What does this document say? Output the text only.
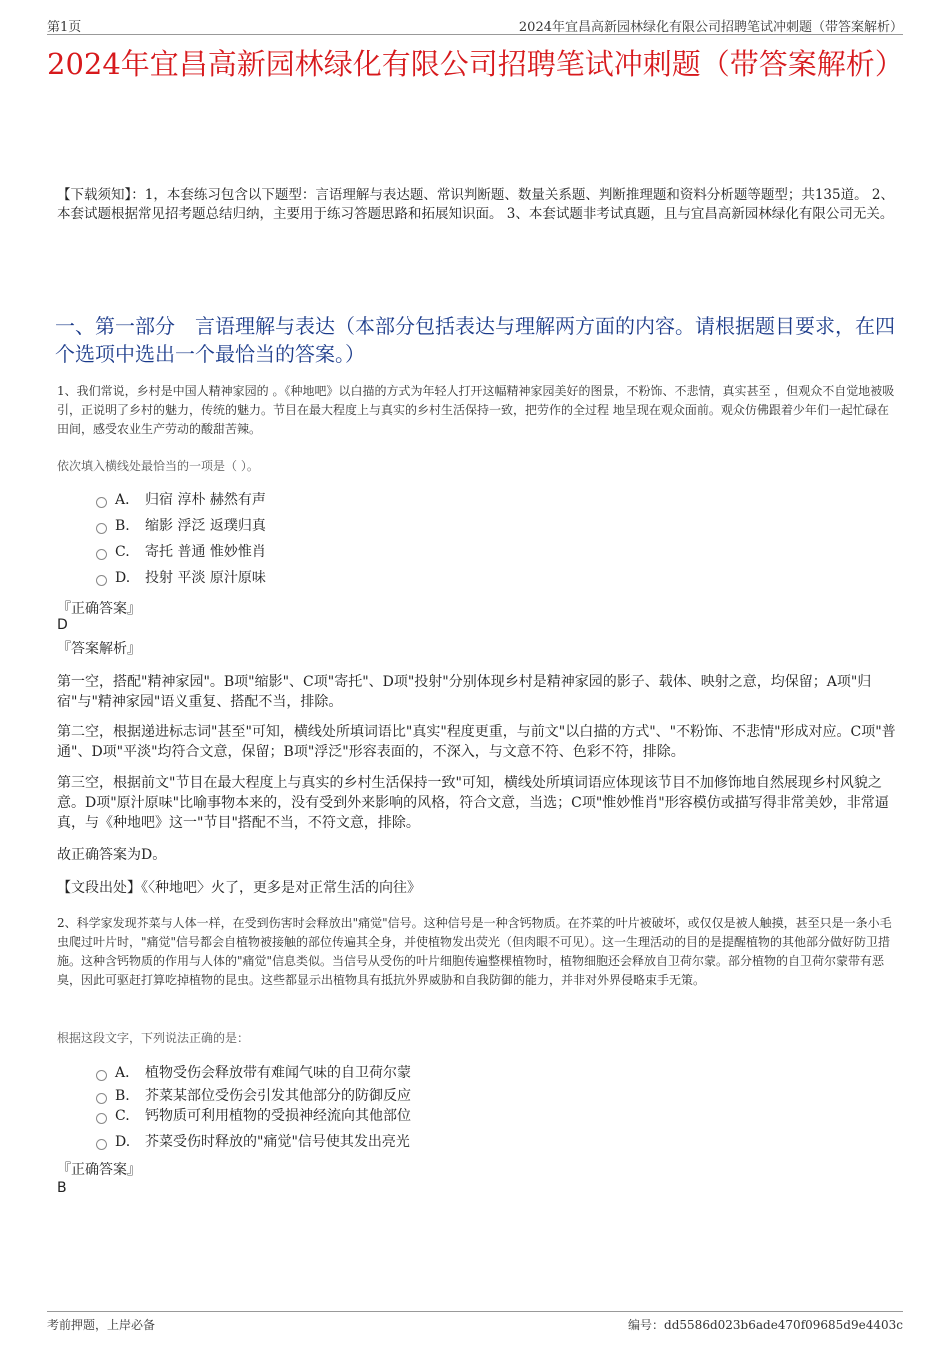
第1页	2024年宜昌高新园林绿化有限公司招聘笔试冲刺题（带答案解析）
2024年宜昌高新园林绿化有限公司招聘笔试冲刺题（带答案解析）
【下载须知】：1，本套练习包含以下题型：言语理解与表达题、常识判断题、数量关系题、判断推理题和资料分析题等题型；共135道。 2、本套试题根据常见招考题总结归纳，主要用于练习答题思路和拓展知识面。 3、本套试题非考试真题，且与宜昌高新园林绿化有限公司无关。
一、第一部分　言语理解与表达（本部分包括表达与理解两方面的内容。请根据题目要求，在四个选项中选出一个最恰当的答案。）
1、我们常说，乡村是中国人精神家园的 。《种地吧》以白描的方式为年轻人打开这幅精神家园美好的图景，不粉饰、不悲情，真实甚至 ，但观众不自觉地被吸引，正说明了乡村的魅力，传统的魅力。节目在最大程度上与真实的乡村生活保持一致，把劳作的全过程 地呈现在观众面前。观众仿佛跟着少年们一起忙碌在田间，感受农业生产劳动的酸甜苦辣。
依次填入横线处最恰当的一项是（ ）。
A． 归宿 淳朴 赫然有声
B. 缩影 浮泛 返璞归真
C. 寄托 普通 惟妙惟肖
D. 投射 平淡 原汁原味
『正确答案』
D
『答案解析』
第一空，搭配"精神家园"。B项"缩影"、C项"寄托"、D项"投射"分别体现乡村是精神家园的影子、载体、映射之意，均保留；A项"归宿"与"精神家园"语义重复、搭配不当，排除。
第二空，根据递进标志词"甚至"可知，横线处所填词语比"真实"程度更重，与前文"以白描的方式"、"不粉饰、不悲情"形成对应。C项"普通"、D项"平淡"均符合文意，保留；B项"浮泛"形容表面的，不深入，与文意不符、色彩不符，排除。
第三空，根据前文"节目在最大程度上与真实的乡村生活保持一致"可知，横线处所填词语应体现该节目不加修饰地自然展现乡村风貌之意。D项"原汁原味"比喻事物本来的，没有受到外来影响的风格，符合文意，当选；C项"惟妙惟肖"形容模仿或描写得非常美妙，非常逼真，与《种地吧》这一"节目"搭配不当，不符文意，排除。
故正确答案为D。
【文段出处】《〈种地吧〉火了，更多是对正常生活的向往》
2、科学家发现芥菜与人体一样，在受到伤害时会释放出"痛觉"信号。这种信号是一种含钙物质。在芥菜的叶片被破坏，或仅仅是被人触摸，甚至只是一条小毛虫爬过叶片时，"痛觉"信号都会自植物被接触的部位传遍其全身，并使植物发出荧光（但肉眼不可见）。这一生理活动的目的是提醒植物的其他部分做好防卫措施。这种含钙物质的作用与人体的"痛觉"信息类似。当信号从受伤的叶片细胞传遍整棵植物时，植物细胞还会释放自卫荷尔蒙。部分植物的自卫荷尔蒙带有恶臭，因此可驱赶打算吃掉植物的昆虫。这些都显示出植物具有抵抗外界威胁和自我防御的能力，并非对外界侵略束手无策。
根据这段文字，下列说法正确的是：
A． 植物受伤会释放带有难闻气味的自卫荷尔蒙
B. 芥菜某部位受伤会引发其他部分的防御反应
C. 钙物质可利用植物的受损神经流向其他部位
D. 芥菜受伤时释放的"痛觉"信号使其发出亮光
『正确答案』
B
考前押题，上岸必备	编号：dd5586d023b6ade470f09685d9e4403c
